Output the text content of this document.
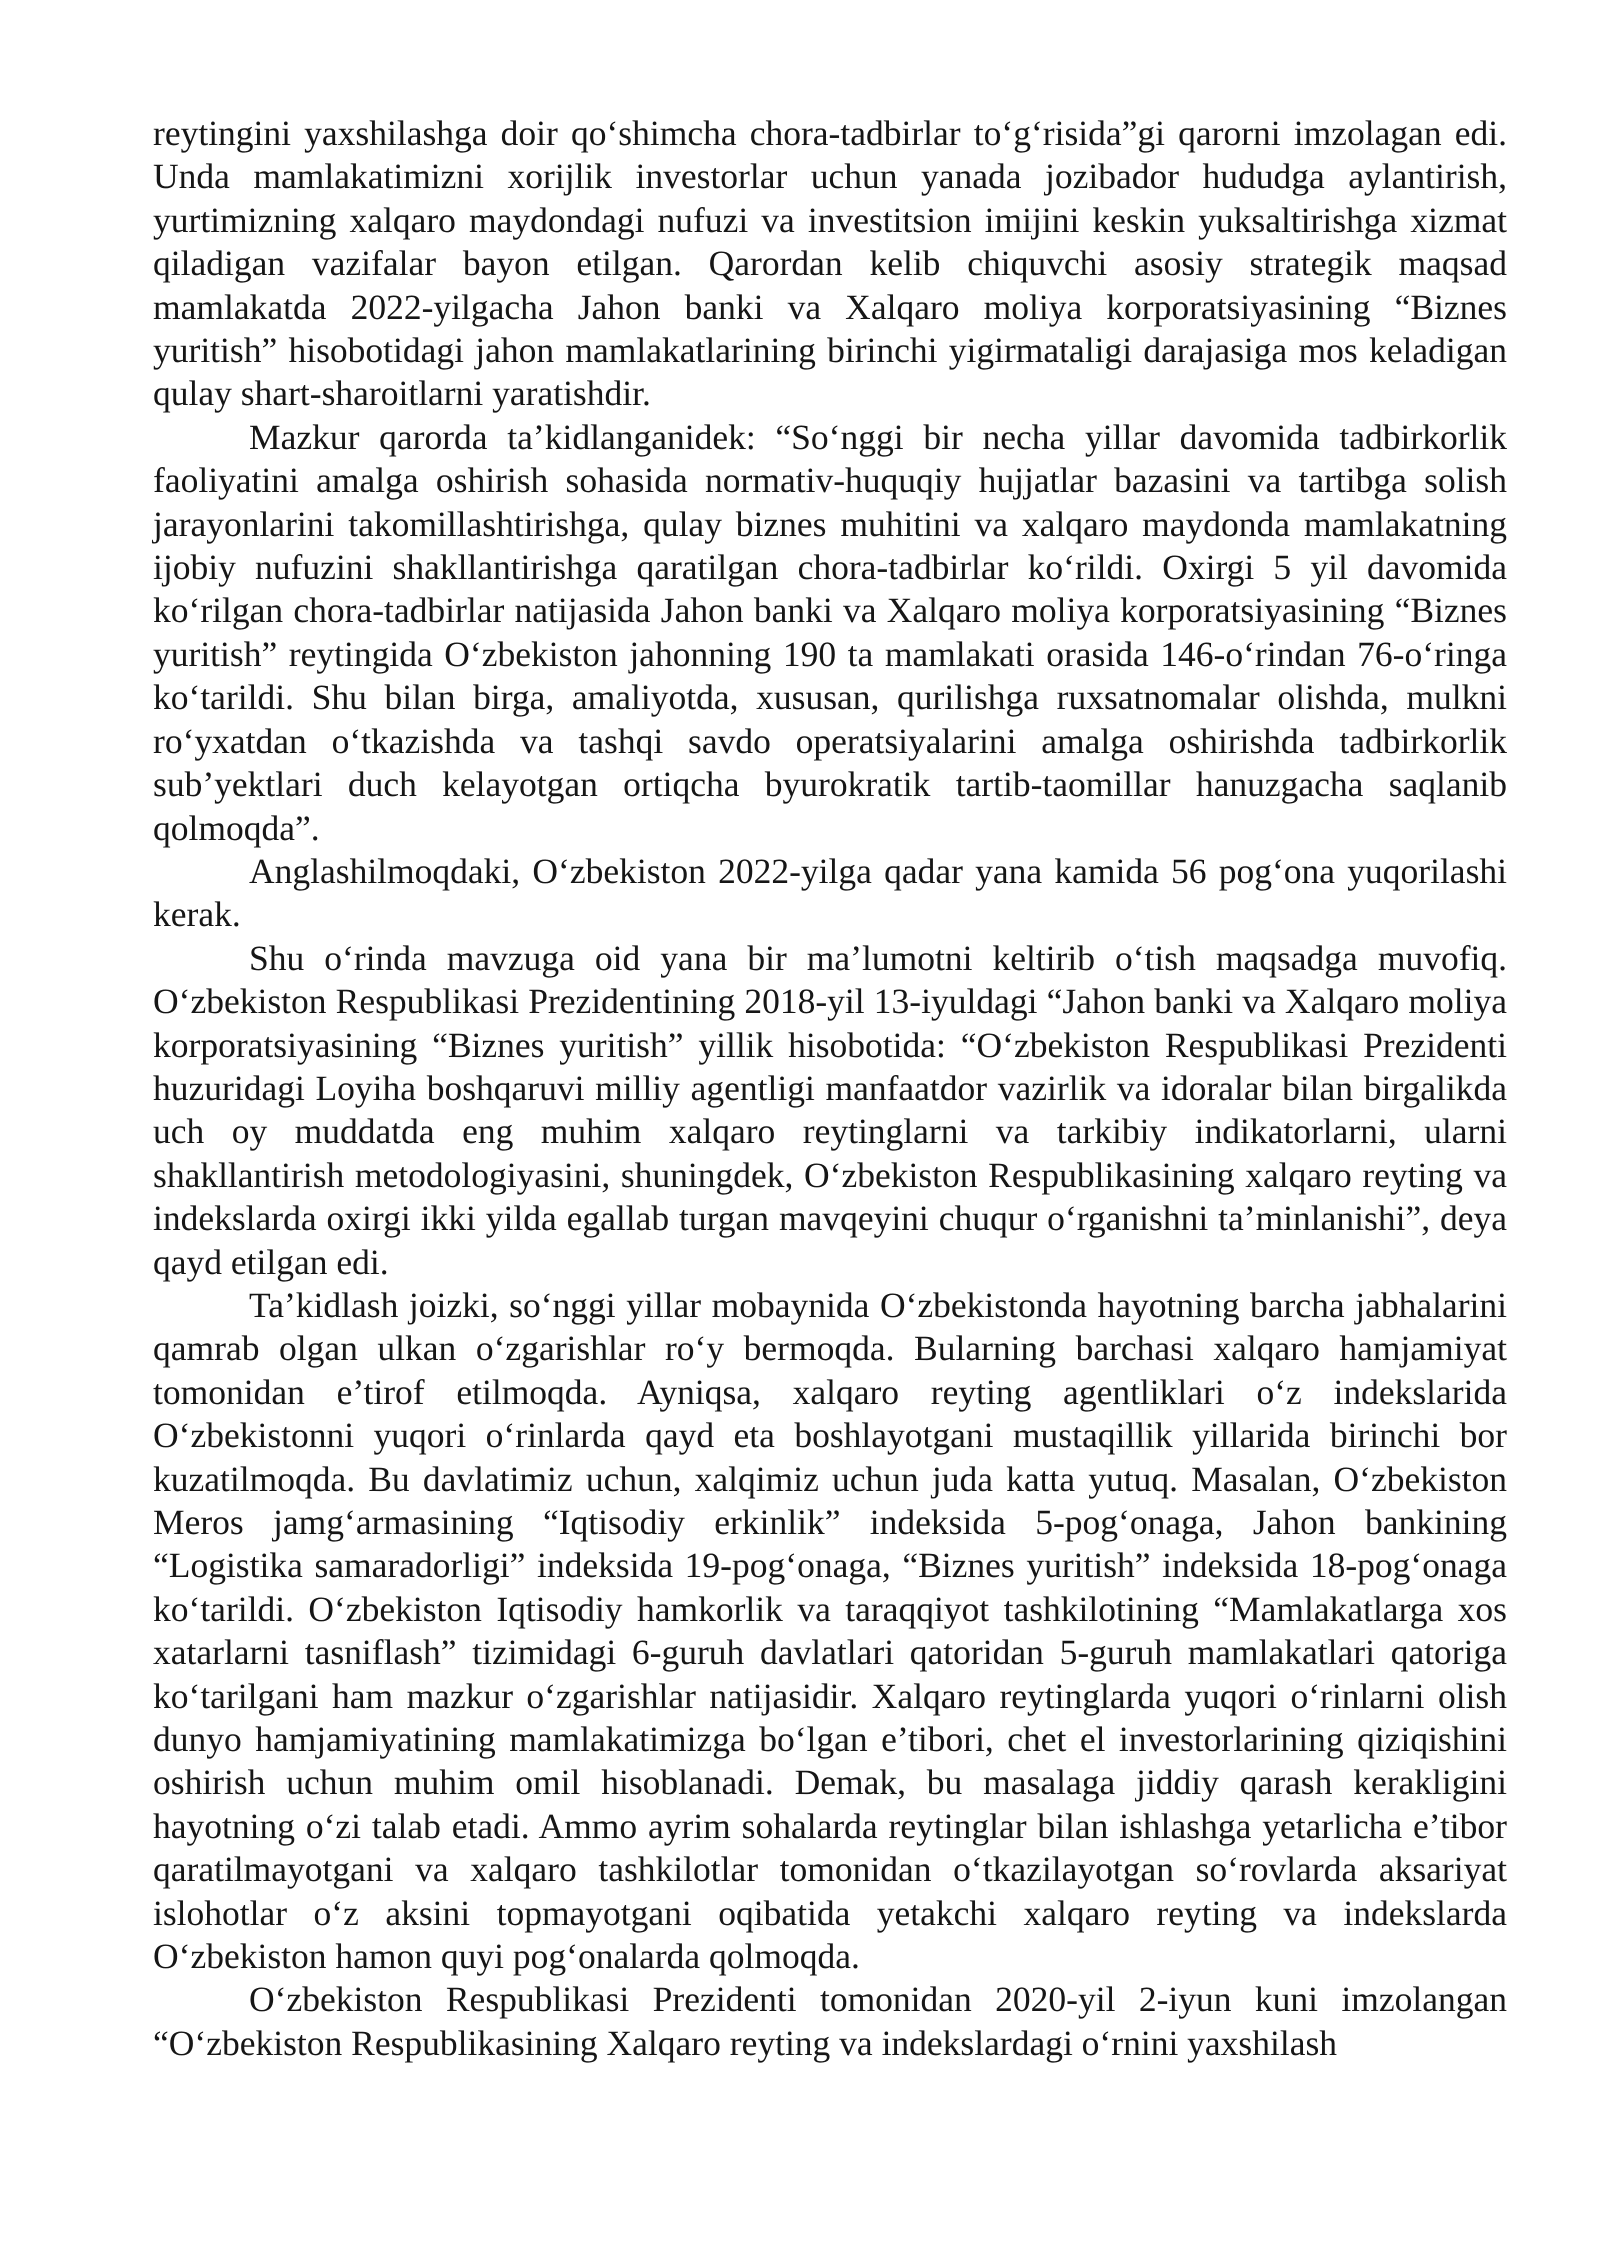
reytingini yaxshilashga doir qo‘shimcha chora-tadbirlar to‘g‘risida”gi qarorni imzolagan edi. Unda mamlakatimizni xorijlik investorlar uchun yanada jozibador hududga aylantirish, yurtimizning xalqaro maydondagi nufuzi va investitsion imijini keskin yuksaltirishga xizmat qiladigan vazifalar bayon etilgan. Qarordan kelib chiquvchi asosiy strategik maqsad mamlakatda 2022-yilgacha Jahon banki va Xalqaro moliya korporatsiyasining “Biznes yuritish” hisobotidagi jahon mamlakatlarining birinchi yigirmataligi darajasiga mos keladigan qulay shart-sharoitlarni yaratishdir.

Mazkur qarorda ta’kidlanganidek: “So‘nggi bir necha yillar davomida tadbirkorlik faoliyatini amalga oshirish sohasida normativ-huquqiy hujjatlar bazasini va tartibga solish jarayonlarini takomillashtirishga, qulay biznes muhitini va xalqaro maydonda mamlakatning ijobiy nufuzini shakllantirishga qaratilgan chora-tadbirlar ko‘rildi. Oxirgi 5 yil davomida ko‘rilgan chora-tadbirlar natijasida Jahon banki va Xalqaro moliya korporatsiyasining “Biznes yuritish” reytingida O‘zbekiston jahonning 190 ta mamlakati orasida 146-o‘rindan 76-o‘ringa ko‘tarildi. Shu bilan birga, amaliyotda, xususan, qurilishga ruxsatnomalar olishda, mulkni ro‘yxatdan o‘tkazishda va tashqi savdo operatsiyalarini amalga oshirishda tadbirkorlik sub’yektlari duch kelayotgan ortiqcha byurokratik tartib-taomillar hanuzgacha saqlanib qolmoqda”.

Anglashilmoqdaki, O‘zbekiston 2022-yilga qadar yana kamida 56 pog‘ona yuqorilashi kerak.

Shu o‘rinda mavzuga oid yana bir ma’lumotni keltirib o‘tish maqsadga muvofiq. O‘zbekiston Respublikasi Prezidentining 2018-yil 13-iyuldagi “Jahon banki va Xalqaro moliya korporatsiyasining “Biznes yuritish” yillik hisobotida: “O‘zbekiston Respublikasi Prezidenti huzuridagi Loyiha boshqaruvi milliy agentligi manfaatdor vazirlik va idoralar bilan birgalikda uch oy muddatda eng muhim xalqaro reytinglarni va tarkibiy indikatorlarni, ularni shakllantirish metodologiyasini, shuningdek, O‘zbekiston Respublikasining xalqaro reyting va indekslarda oxirgi ikki yilda egallab turgan mavqeyini chuqur o‘rganishni ta’minlanishi”, deya qayd etilgan edi.

Ta’kidlash joizki, so‘nggi yillar mobaynida O‘zbekistonda hayotning barcha jabhalarini qamrab olgan ulkan o‘zgarishlar ro‘y bermoqda. Bularning barchasi xalqaro hamjamiyat tomonidan e’tirof etilmoqda. Ayniqsa, xalqaro reyting agentliklari o‘z indekslarida O‘zbekistonni yuqori o‘rinlarda qayd eta boshlayotgani mustaqillik yillarida birinchi bor kuzatilmoqda. Bu davlatimiz uchun, xalqimiz uchun juda katta yutuq. Masalan, O‘zbekiston Meros jamg‘armasining “Iqtisodiy erkinlik” indeksida 5-pog‘onaga, Jahon bankining “Logistika samaradorligi” indeksida 19-pog‘onaga, “Biznes yuritish” indeksida 18-pog‘onaga ko‘tarildi. O‘zbekiston Iqtisodiy hamkorlik va taraqqiyot tashkilotining “Mamlakatlarga xos xatarlarni tasniflash” tizimidagi 6-guruh davlatlari qatoridan 5-guruh mamlakatlari qatoriga ko‘tarilgani ham mazkur o‘zgarishlar natijasidir. Xalqaro reytinglarda yuqori o‘rinlarni olish dunyo hamjamiyatining mamlakatimizga bo‘lgan e’tibori, chet el investorlarining qiziqishini oshirish uchun muhim omil hisoblanadi. Demak, bu masalaga jiddiy qarash kerakligini hayotning o‘zi talab etadi. Ammo ayrim sohalarda reytinglar bilan ishlashga yetarlicha e’tibor qaratilmayotgani va xalqaro tashkilotlar tomonidan o‘tkazilayotgan so‘rovlarda aksariyat islohotlar o‘z aksini topmayotgani oqibatida yetakchi xalqaro reyting va indekslarda O‘zbekiston hamon quyi pog‘onalarda qolmoqda.

O‘zbekiston Respublikasi Prezidenti tomonidan 2020-yil 2-iyun kuni imzolangan “O‘zbekiston Respublikasining Xalqaro reyting va indekslardagi o‘rnini yaxshilash
